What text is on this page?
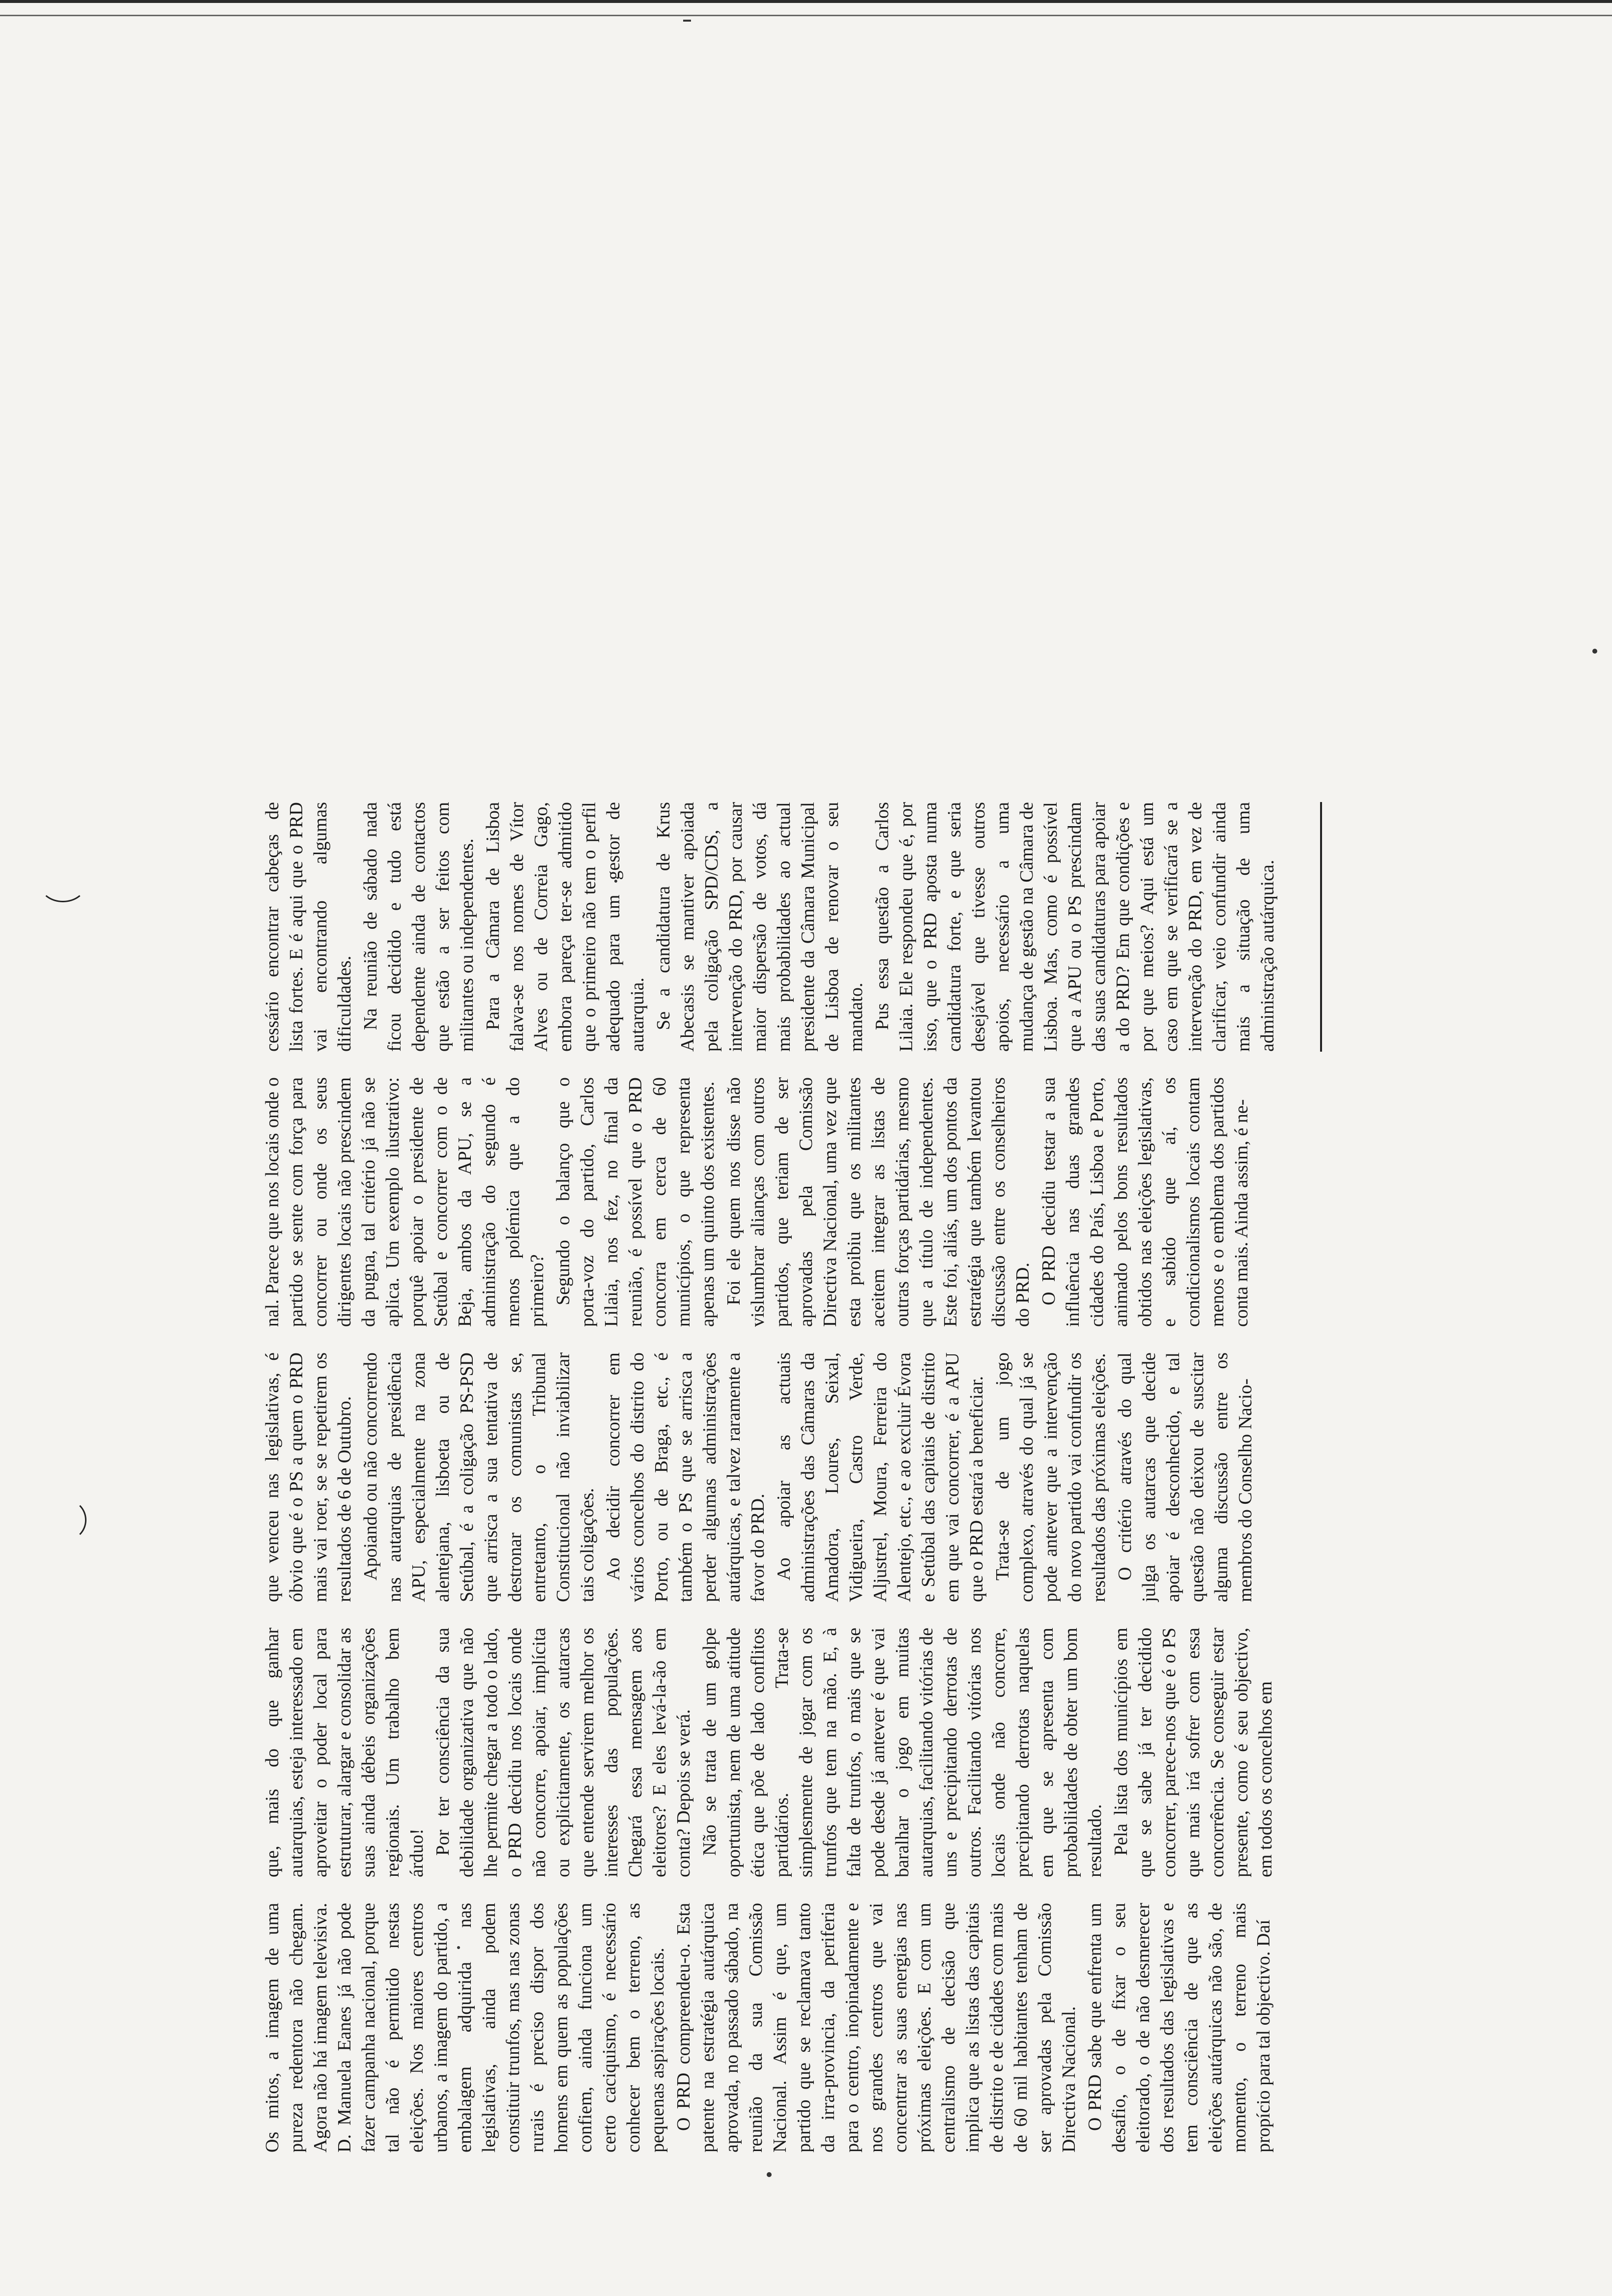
Os mitos, a imagem de uma pureza redentora não chegam. Agora não há imagem televisiva. D. Manuela Eanes já não pode fazer campanha nacional, porque tal não é permitido nestas eleições. Nos maiores centros urbanos, a imagem do partido, a embalagem adquirida nas legislativas, ainda podem constituir trunfos, mas nas zonas rurais é preciso dispor dos homens em quem as populações confiem, ainda funciona um certo caciquismo, é necessário conhecer bem o terreno, as pequenas aspirações locais. O PRD compreendeu-o. Esta patente na estratégia autárquica aprovada, no passado sábado, na reunião da sua Comissão Nacional. Assim é que, um partido que se reclamava tanto da irra-provincia, da periferia para o centro, inopinadamente e nos grandes centros que vai concentrar as suas energias nas próximas eleições. E com um centralismo de decisão que implica que as listas das capitais de distrito e de cidades com mais de 60 mil habitantes tenham de ser aprovadas pela Comissão Directiva Nacional. O PRD sabe que enfrenta um desafio, o de fixar o seu eleitorado, o de não desmerecer dos resultados das legislativas e tem consciência de que as eleições autárquicas não são, de momento, o terreno mais propício para tal objectivo. Daí

que, mais do que ganhar autarquias, esteja interessado em aproveitar o poder local para estruturar, alargar e consolidar as suas ainda débeis organizações regionais. Um trabalho bem árduo! Por ter consciência da sua debilidade organizativa que não lhe permite chegar a todo o lado, o PRD decidiu nos locais onde não concorre, apoiar, implícita ou explicitamente, os autarcas que entende servirem melhor os interesses das populações. Chegará essa mensagem aos eleitores? E eles levá-la-ão em conta? Depois se verá. Não se trata de um golpe oportunista, nem de uma atitude ética que põe de lado conflitos partidários. Trata-se simplesmente de jogar com os trunfos que tem na mão. E, à falta de trunfos, o mais que se pode desde já antever é que vai baralhar o jogo em muitas autarquias, facilitando vitórias de uns e precipitando derrotas de outros. Facilitando vitórias nos locais onde não concorre, precipitando derrotas naquelas em que se apresenta com probabilidades de obter um bom resultado. Pela lista dos municípios em que se sabe já ter decidido concorrer, parece-nos que é o PS que mais irá sofrer com essa concorrência. Se conseguir estar presente, como é seu objectivo, em todos os concelhos em

que venceu nas legislativas, é óbvio que é o PS a quem o PRD mais vai roer, se se repetirem os resultados de 6 de Outubro. Apoiando ou não concorrendo nas autarquias de presidência APU, especialmente na zona alentejana, lisboeta ou de Setúbal, é a coligação PS-PSD que arrisca a sua tentativa de destronar os comunistas se, entretanto, o Tribunal Constitucional não inviabilizar tais coligações. Ao decidir concorrer em vários concelhos do distrito do Porto, ou de Braga, etc., é também o PS que se arrisca a perder algumas administrações autárquicas, e talvez raramente a favor do PRD. Ao apoiar as actuais administrações das Câmaras da Amadora, Loures, Seixal, Vidigueira, Castro Verde, Aljustrel, Moura, Ferreira do Alentejo, etc., e ao excluir Évora e Setúbal das capitais de distrito em que vai concorrer, é a APU que o PRD estará a beneficiar. Trata-se de um jogo complexo, através do qual já se pode antever que a intervenção do novo partido vai confundir os resultados das próximas eleições. O critério através do qual julga os autarcas que decide apoiar é desconhecido, e tal questão não deixou de suscitar alguma discussão entre os membros do Conselho Nacio-

nal. Parece que nos locais onde o partido se sente com força para concorrer ou onde os seus dirigentes locais não prescindem da pugna, tal critério já não se aplica. Um exemplo ilustrativo: porquê apoiar o presidente de Setúbal e concorrer com o de Beja, ambos da APU, se a administração do segundo é menos polémica que a do primeiro? Segundo o balanço que o porta-voz do partido, Carlos Lilaia, nos fez, no final da reunião, é possível que o PRD concorra em cerca de 60 municípios, o que representa apenas um quinto dos existentes. Foi ele quem nos disse não vislumbrar alianças com outros partidos, que teriam de ser aprovadas pela Comissão Directiva Nacional, uma vez que esta proibiu que os militantes aceitem integrar as listas de outras forças partidárias, mesmo que a título de independentes. Este foi, aliás, um dos pontos da estratégia que também levantou discussão entre os conselheiros do PRD. O PRD decidiu testar a sua influência nas duas grandes cidades do País, Lisboa e Porto, animado pelos bons resultados obtidos nas eleições legislativas, e sabido que aí, os condicionalismos locais contam menos e o emblema dos partidos conta mais. Ainda assim, é ne-

cessário encontrar cabeças de lista fortes. E é aqui que o PRD vai encontrando algumas dificuldades. Na reunião de sábado nada ficou decidido e tudo está dependente ainda de contactos que estão a ser feitos com militantes ou independentes. Para a Câmara de Lisboa falava-se nos nomes de Vítor Alves ou de Correia Gago, embora pareça ter-se admitido que o primeiro não tem o perfil adequado para um gestor de autarquia. Se a candidatura de Krus Abecasis se mantiver apoiada pela coligação SPD/CDS, a intervenção do PRD, por causar maior dispersão de votos, dá mais probabilidades ao actual presidente da Câmara Municipal de Lisboa de renovar o seu mandato. Pus essa questão a Carlos Lilaia. Ele respondeu que é, por isso, que o PRD aposta numa candidatura forte, e que seria desejável que tivesse outros apoios, necessário a uma mudança de gestão na Câmara de Lisboa. Mas, como é possível que a APU ou o PS prescindam das suas candidaturas para apoiar a do PRD? Em que condições e por que meios? Aqui está um caso em que se verificará se a intervenção do PRD, em vez de clarificar, veio confundir ainda mais a situação de uma administração autárquica.
